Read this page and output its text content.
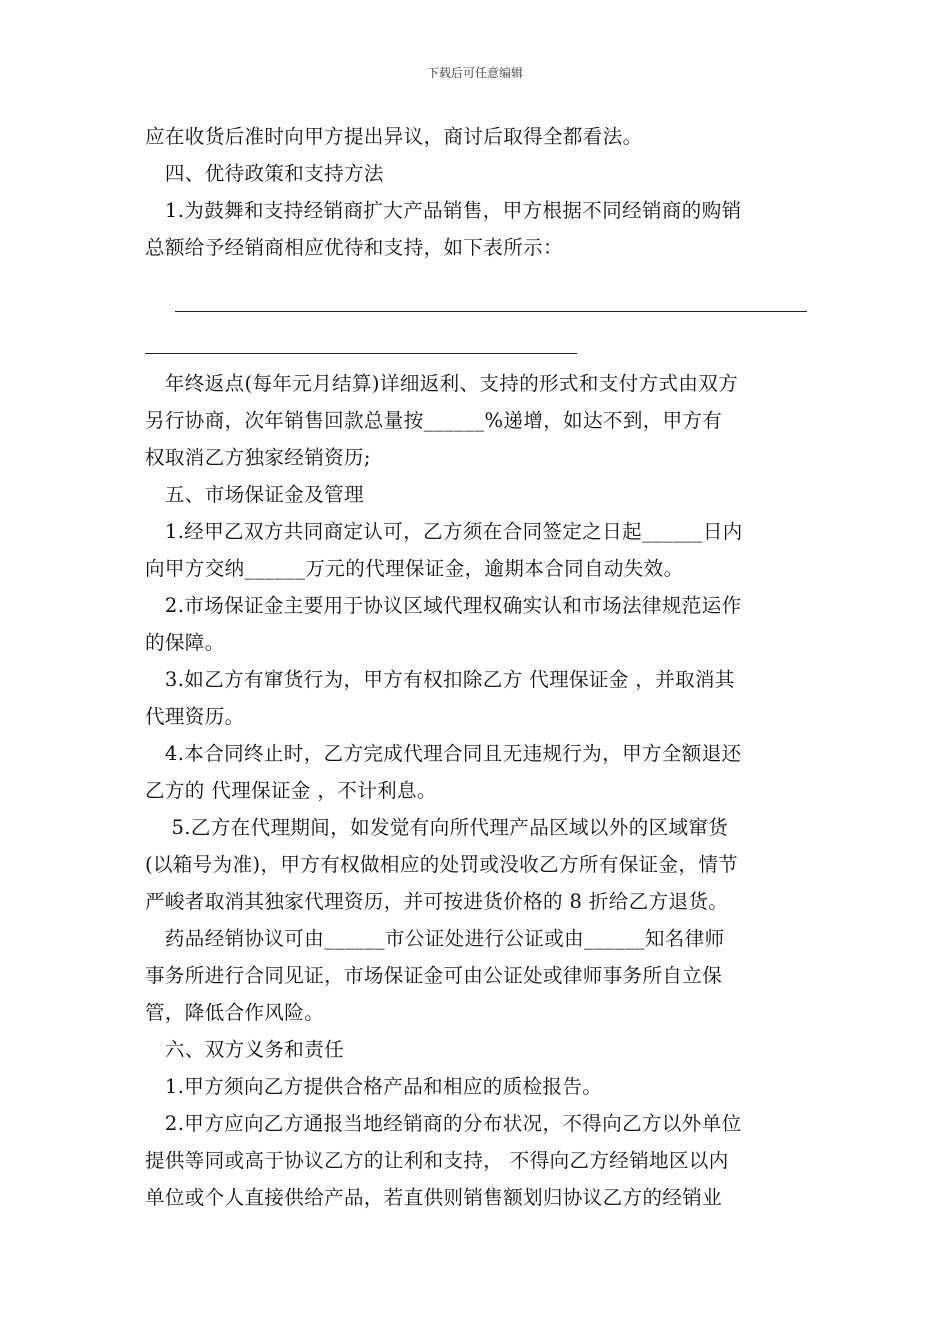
下载后可任意编辑
应在收货后准时向甲方提出异议，商讨后取得全都看法。
　四、优待政策和支持方法
　1.为鼓舞和支持经销商扩大产品销售，甲方根据不同经销商的购销
总额给予经销商相应优待和支持，如下表所示：
　年终返点(每年元月结算)详细返利、支持的形式和支付方式由双方
另行协商，次年销售回款总量按______%递增，如达不到，甲方有
权取消乙方独家经销资历;
　五、市场保证金及管理
　1.经甲乙双方共同商定认可，乙方须在合同签定之日起______日内
向甲方交纳______万元的代理保证金，逾期本合同自动失效。
　2.市场保证金主要用于协议区域代理权确实认和市场法律规范运作
的保障。
　3.如乙方有窜货行为，甲方有权扣除乙方 代理保证金 ，并取消其
代理资历。
　4.本合同终止时，乙方完成代理合同且无违规行为，甲方全额退还
乙方的 代理保证金 ，不计利息。
　 5.乙方在代理期间，如发觉有向所代理产品区域以外的区域窜货
(以箱号为准)，甲方有权做相应的处罚或没收乙方所有保证金，情节
严峻者取消其独家代理资历，并可按进货价格的 8 折给乙方退货。
　药品经销协议可由______市公证处进行公证或由______知名律师
事务所进行合同见证，市场保证金可由公证处或律师事务所自立保
管，降低合作风险。
　六、双方义务和责任
　1.甲方须向乙方提供合格产品和相应的质检报告。
　2.甲方应向乙方通报当地经销商的分布状况，不得向乙方以外单位
提供等同或高于协议乙方的让利和支持， 不得向乙方经销地区以内
单位或个人直接供给产品，若直供则销售额划归协议乙方的经销业
